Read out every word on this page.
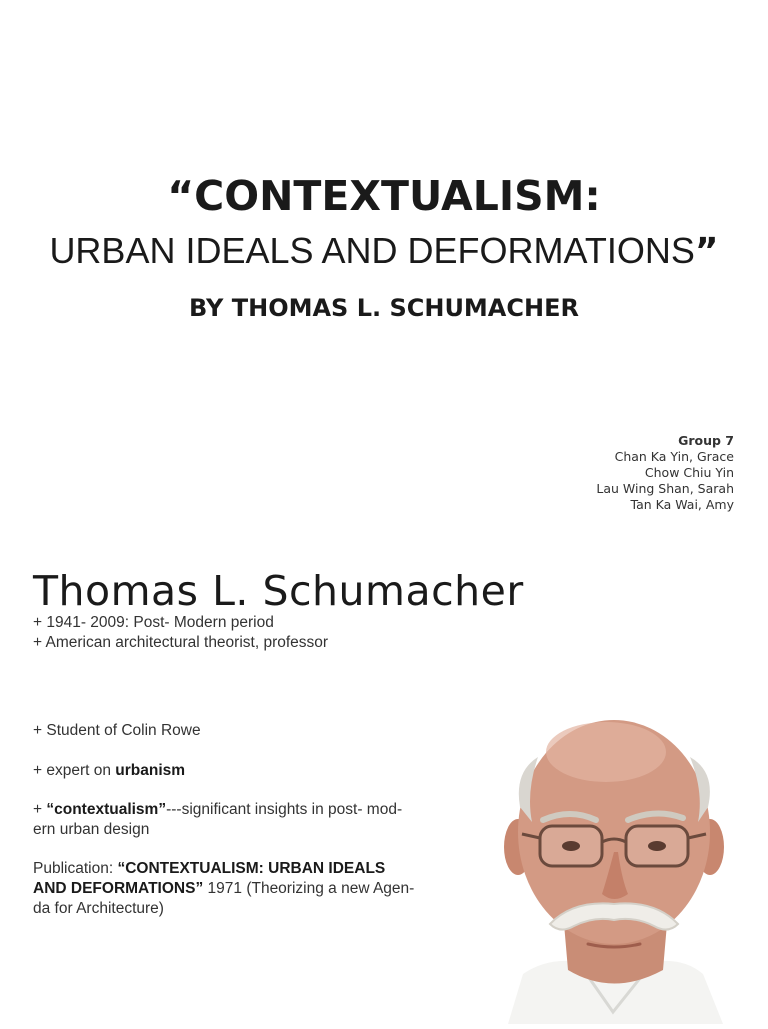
“CONTEXTUALISM:
URBAN IDEALS AND DEFORMATIONS”
BY THOMAS L. SCHUMACHER
Group 7
Chan Ka Yin, Grace
Chow Chiu Yin
Lau Wing Shan, Sarah
Tan Ka Wai, Amy
Thomas L. Schumacher
+ 1941- 2009: Post- Modern period
+ American architectural theorist, professor
+ Student of Colin Rowe
+ expert on urbanism
+ “contextualism”---significant insights in post- mod-
ern urban design
Publication: “CONTEXTUALISM: URBAN IDEALS
AND DEFORMATIONS” 1971 (Theorizing a new Agen-
da for Architecture)
